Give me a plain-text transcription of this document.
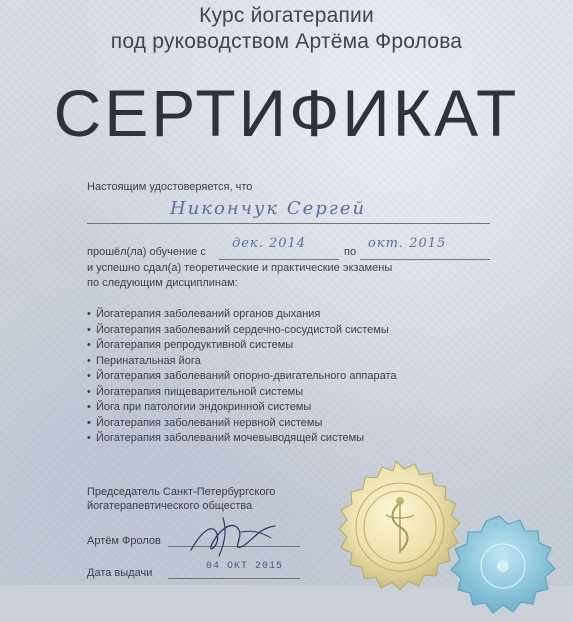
Курс йогатерапии
под руководством Артёма Фролова
СЕРТИФИКАТ
Настоящим удостоверяется, что
Никончук Сергей
прошёл(ла) обучение с
дек. 2014
по
окт. 2015
и успешно сдал(а) теоретические и практические экзамены
по следующим дисциплинам:
• Йогатерапия заболеваний органов дыхания
• Йогатерапия заболеваний сердечно-сосудистой системы
• Йогатерапия репродуктивной системы
• Перинатальная йога
• Йогатерапия заболеваний опорно-двигательного аппарата
• Йогатерапия пищеварительной системы
• Йога при патологии эндокринной системы
• Йогатерапия заболеваний нервной системы
• Йогатерапия заболеваний мочевыводящей системы
Председатель Санкт-Петербургского
йогатерапевтического общества
Артём Фролов
Дата выдачи
04 ОКТ 2015
